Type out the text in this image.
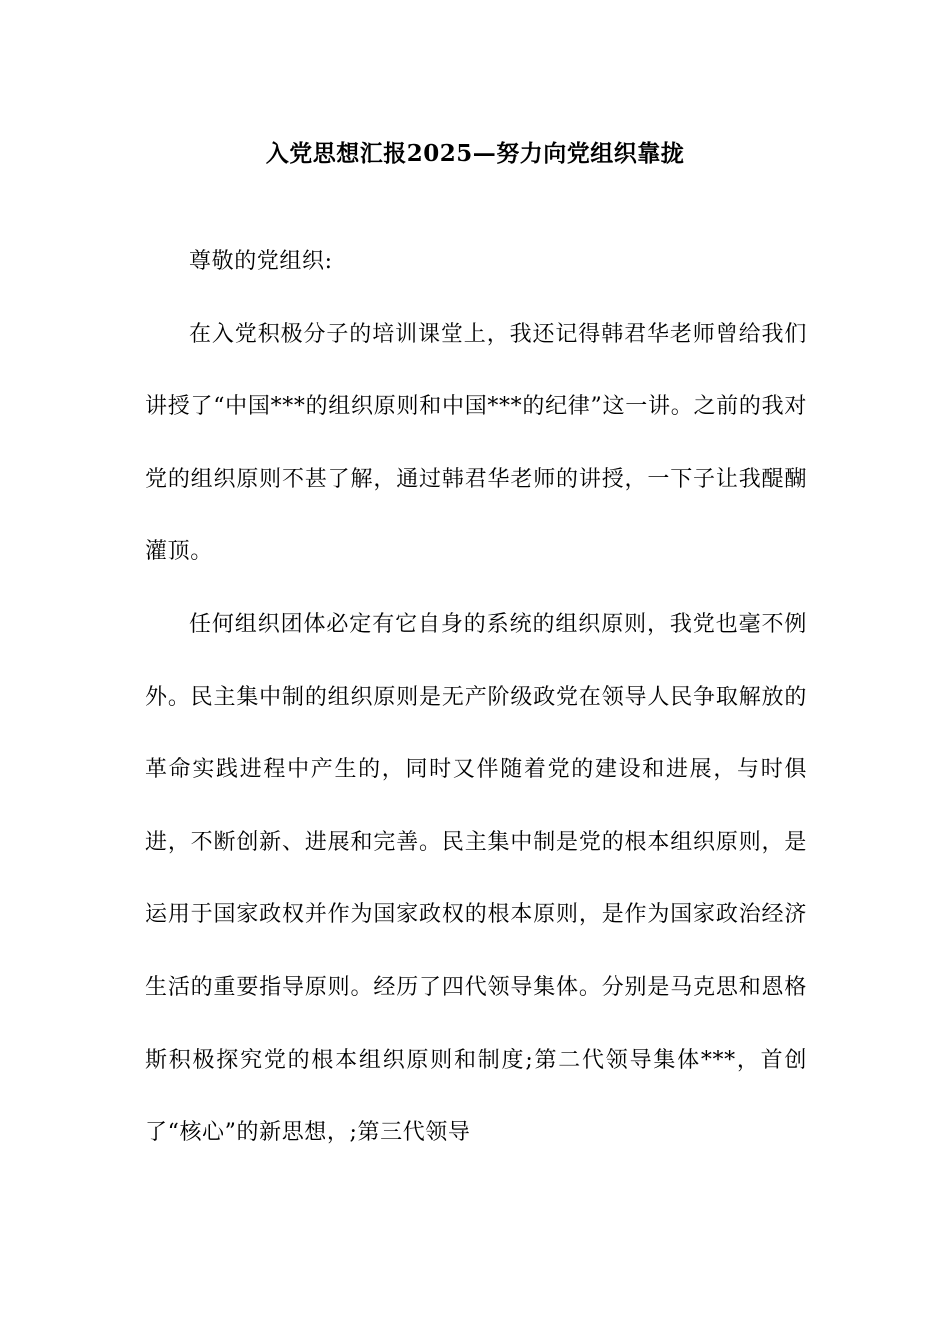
入党思想汇报2025—努力向党组织靠拢

尊敬的党组织:

在入党积极分子的培训课堂上，我还记得韩君华老师曾给我们讲授了“中国***的组织原则和中国***的纪律”这一讲。之前的我对党的组织原则不甚了解，通过韩君华老师的讲授，一下子让我醍醐灌顶。

任何组织团体必定有它自身的系统的组织原则，我党也毫不例外。民主集中制的组织原则是无产阶级政党在领导人民争取解放的革命实践进程中产生的，同时又伴随着党的建设和进展，与时俱进，不断创新、进展和完善。民主集中制是党的根本组织原则，是运用于国家政权并作为国家政权的根本原则，是作为国家政治经济生活的重要指导原则。经历了四代领导集体。分别是马克思和恩格斯积极探究党的根本组织原则和制度;第二代领导集体***，首创了“核心”的新思想，;第三代领导
